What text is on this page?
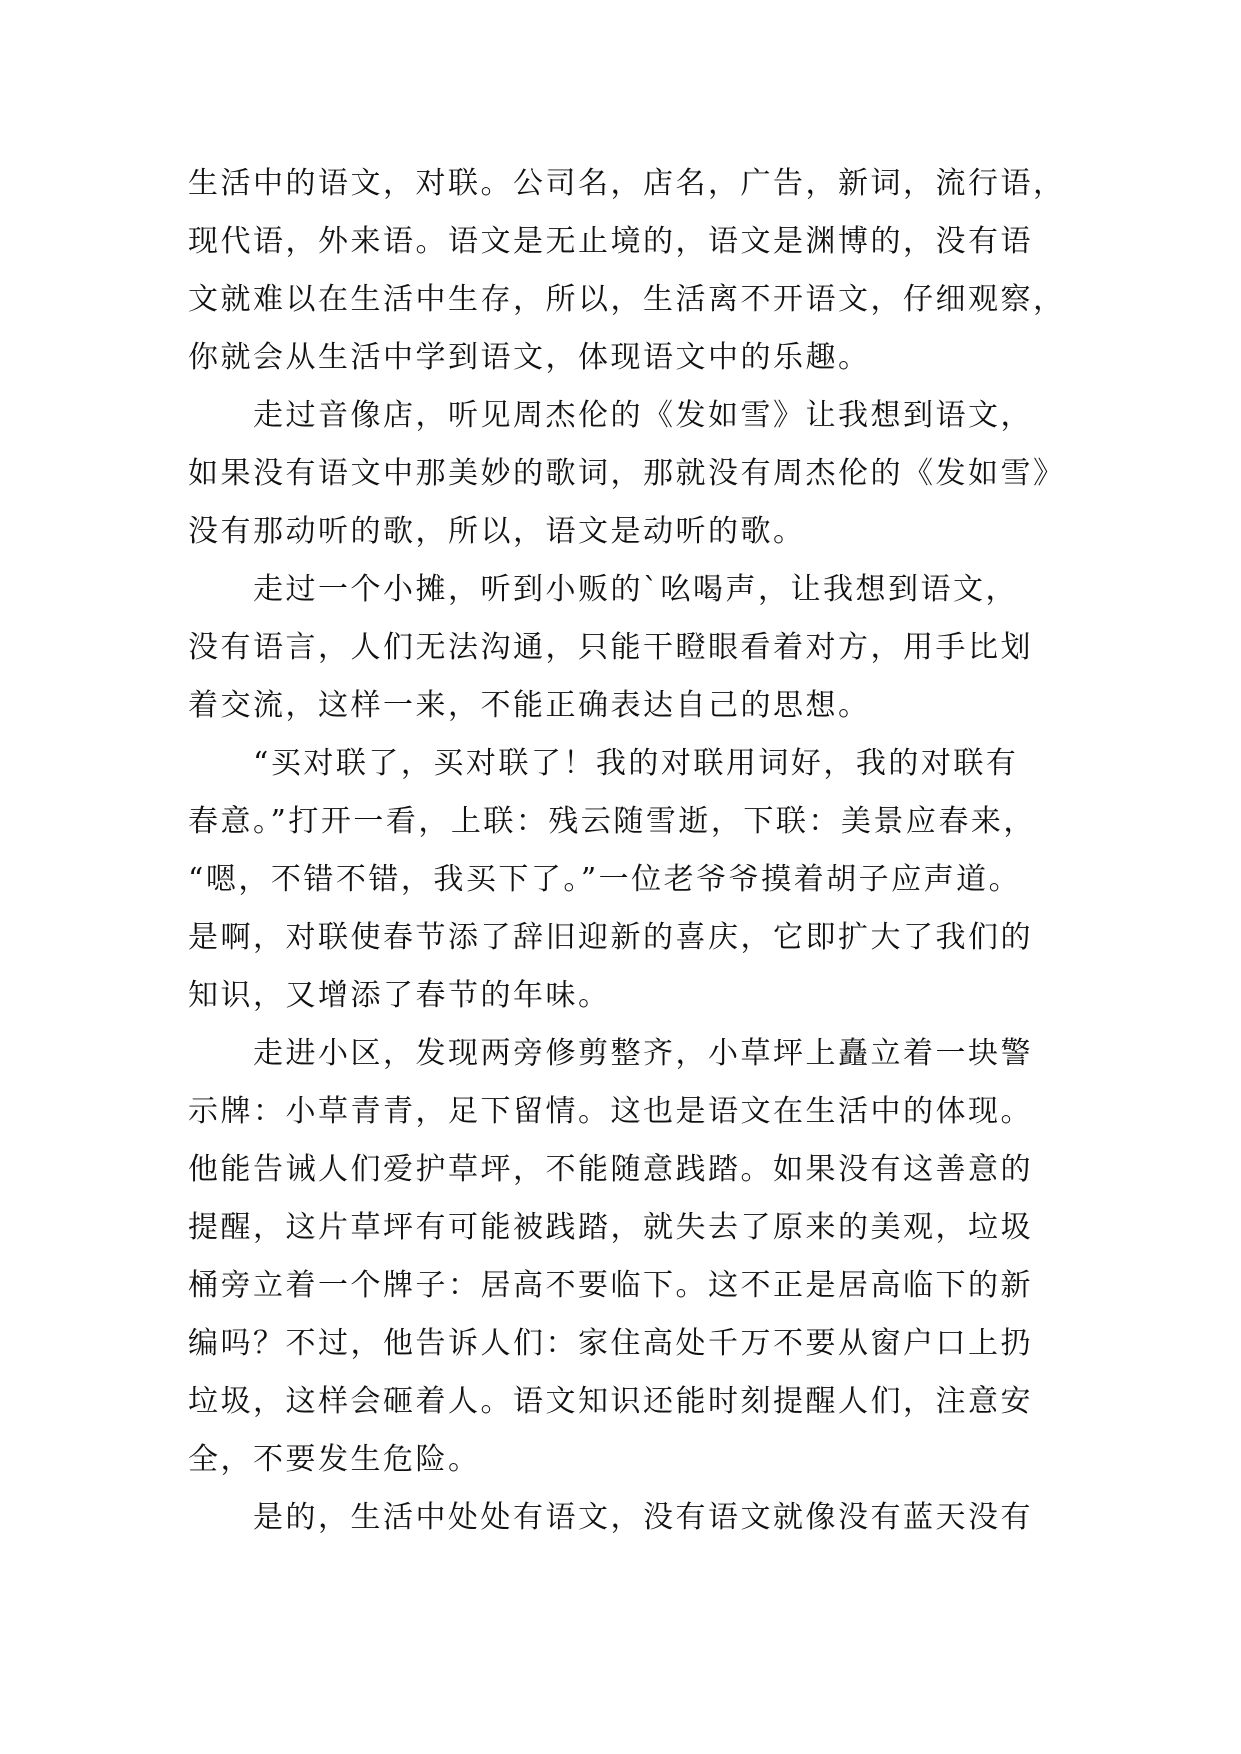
生活中的语文，对联。公司名，店名，广告，新词，流行语，
现代语，外来语。语文是无止境的，语文是渊博的，没有语
文就难以在生活中生存，所以，生活离不开语文，仔细观察，
你就会从生活中学到语文，体现语文中的乐趣。
走过音像店，听见周杰伦的《发如雪》让我想到语文，
如果没有语文中那美妙的歌词，那就没有周杰伦的《发如雪》
没有那动听的歌，所以，语文是动听的歌。
走过一个小摊，听到小贩的`吆喝声，让我想到语文，
没有语言，人们无法沟通，只能干瞪眼看着对方，用手比划
着交流，这样一来，不能正确表达自己的思想。
“买对联了，买对联了！我的对联用词好，我的对联有
春意。”打开一看，上联：残云随雪逝，下联：美景应春来，
“嗯，不错不错，我买下了。”一位老爷爷摸着胡子应声道。
是啊，对联使春节添了辞旧迎新的喜庆，它即扩大了我们的
知识，又增添了春节的年味。
走进小区，发现两旁修剪整齐，小草坪上矗立着一块警
示牌：小草青青，足下留情。这也是语文在生活中的体现。
他能告诫人们爱护草坪，不能随意践踏。如果没有这善意的
提醒，这片草坪有可能被践踏，就失去了原来的美观，垃圾
桶旁立着一个牌子：居高不要临下。这不正是居高临下的新
编吗？不过，他告诉人们：家住高处千万不要从窗户口上扔
垃圾，这样会砸着人。语文知识还能时刻提醒人们，注意安
全，不要发生危险。
是的，生活中处处有语文，没有语文就像没有蓝天没有
